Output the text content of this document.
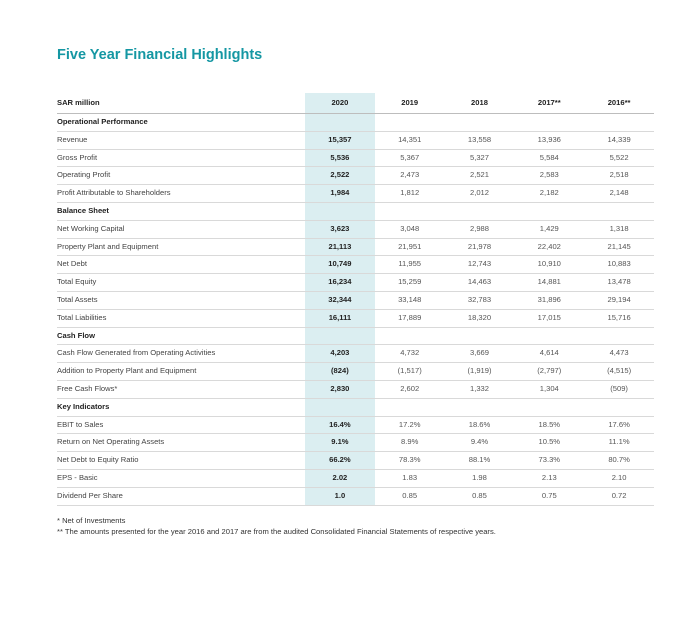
Five Year Financial Highlights
SAR million	2020	2019	2018	2017**	2016**
Operational Performance					
Revenue	15,357	14,351	13,558	13,936	14,339
Gross Profit	5,536	5,367	5,327	5,584	5,522
Operating Profit	2,522	2,473	2,521	2,583	2,518
Profit Attributable to Shareholders	1,984	1,812	2,012	2,182	2,148
Balance Sheet					
Net Working Capital	3,623	3,048	2,988	1,429	1,318
Property Plant and Equipment	21,113	21,951	21,978	22,402	21,145
Net Debt	10,749	11,955	12,743	10,910	10,883
Total Equity	16,234	15,259	14,463	14,881	13,478
Total Assets	32,344	33,148	32,783	31,896	29,194
Total Liabilities	16,111	17,889	18,320	17,015	15,716
Cash Flow					
Cash Flow Generated from Operating Activities	4,203	4,732	3,669	4,614	4,473
Addition to Property Plant and Equipment	(824)	(1,517)	(1,919)	(2,797)	(4,515)
Free Cash Flows*	2,830	2,602	1,332	1,304	(509)
Key Indicators					
EBIT to Sales	16.4%	17.2%	18.6%	18.5%	17.6%
Return on Net Operating Assets	9.1%	8.9%	9.4%	10.5%	11.1%
Net Debt to Equity Ratio	66.2%	78.3%	88.1%	73.3%	80.7%
EPS - Basic	2.02	1.83	1.98	2.13	2.10
Dividend Per Share	1.0	0.85	0.85	0.75	0.72
* Net of Investments
** The amounts presented for the year 2016 and 2017 are from the audited Consolidated Financial Statements of respective years.
